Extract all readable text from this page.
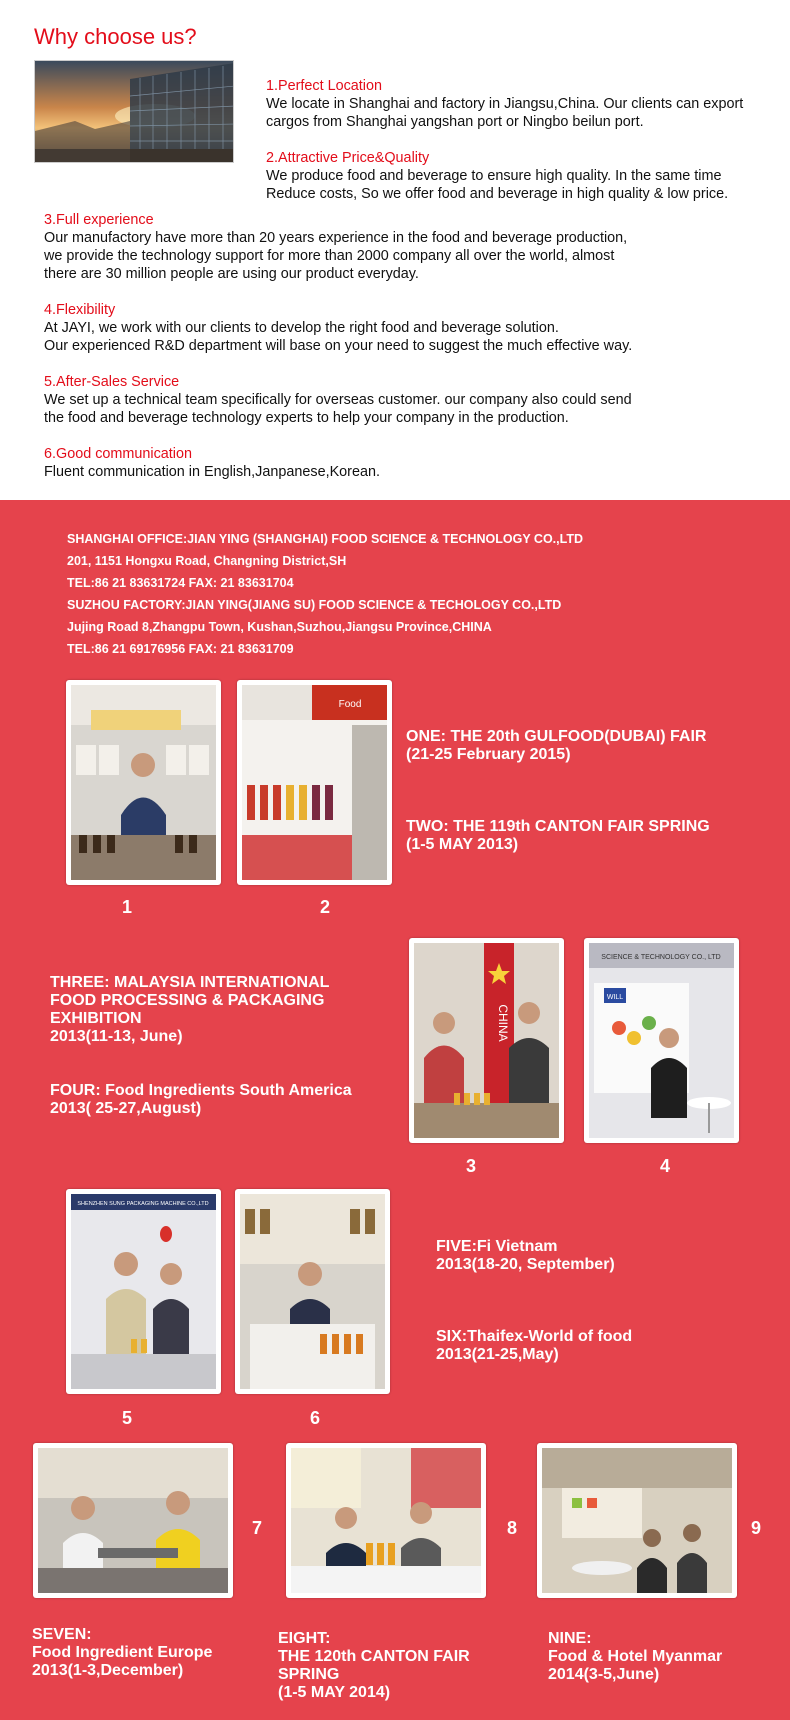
Why choose us?
1.Perfect Location
We locate in Shanghai and factory in Jiangsu,China. Our clients can export
cargos from Shanghai yangshan port or Ningbo beilun port.
2.Attractive Price&Quality
We produce food and beverage to ensure high quality. In the same time
Reduce costs, So we offer food and beverage in high quality & low price.
3.Full experience
Our manufactory have more than 20 years experience in the food and beverage production,
we provide the technology support for more than 2000 company all over the world, almost
there are 30 million people are using our product everyday.
4.Flexibility
At JAYI, we work with our clients to develop the right food and beverage solution.
Our experienced R&D department will base on your need to suggest the much effective way.
5.After-Sales Service
We set up a technical team specifically for overseas customer. our company also could send
the food and beverage technology experts to help your company in the production.
6.Good communication
Fluent communication in English,Janpanese,Korean.
SHANGHAI OFFICE:JIAN YING (SHANGHAI) FOOD SCIENCE & TECHNOLOGY CO.,LTD
201, 1151 Hongxu Road, Changning District,SH
TEL:86 21 83631724 FAX: 21 83631704
SUZHOU FACTORY:JIAN YING(JIANG SU) FOOD SCIENCE & TECHOLOGY CO.,LTD
Jujing Road 8,Zhangpu Town, Kushan,Suzhou,Jiangsu Province,CHINA
TEL:86 21 69176956 FAX: 21 83631709
Food
ONE: THE 20th GULFOOD(DUBAI) FAIR
(21-25 February 2015)
TWO: THE 119th CANTON FAIR SPRING
(1-5 MAY 2013)
1	2
THREE: MALAYSIA INTERNATIONAL
FOOD PROCESSING & PACKAGING
EXHIBITION
2013(11-13, June)
FOUR: Food Ingredients South America
2013( 25-27,August)
CHINA
SCIENCE & TECHNOLOGY CO., LTD
WILL
3	4
SHENZHEN SUNG PACKAGING MACHINE CO.,LTD
FIVE:Fi Vietnam
2013(18-20, September)
SIX:Thaifex-World of food
2013(21-25,May)
5	6
7	8	9
SEVEN:
Food Ingredient Europe
2013(1-3,December)
EIGHT:
THE 120th CANTON FAIR
SPRING
(1-5 MAY 2014)
NINE:
Food & Hotel Myanmar
2014(3-5,June)
